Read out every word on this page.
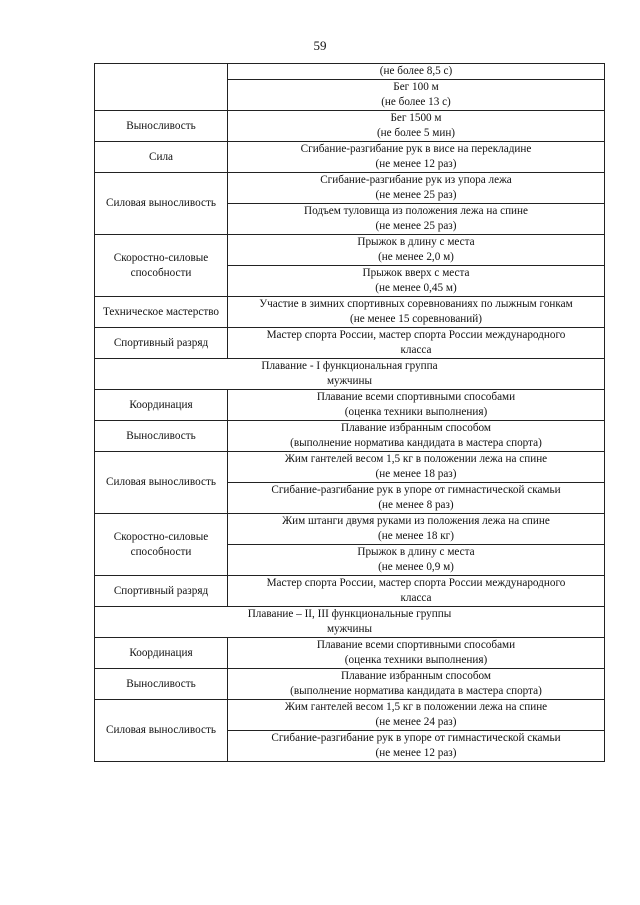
59

	(не более 8,5 с)

	Бег 100 м
(не более 13 с)

Выносливость	Бег 1500 м
(не более 5 мин)

Сила	Сгибание-разгибание рук в висе на перекладине
(не менее 12 раз)

Силовая выносливость	Сгибание-разгибание рук из упора лежа
(не менее 25 раз)

	Подъем туловища из положения лежа на спине
(не менее 25 раз)

Скоростно-силовые способности	Прыжок в длину с места
(не менее 2,0 м)

	Прыжок вверх с места
(не менее 0,45 м)

Техническое мастерство	Участие в зимних спортивных соревнованиях по лыжным гонкам
(не менее 15 соревнований)

Спортивный разряд	Мастер спорта России, мастер спорта России международного
класса

Плавание - I функциональная группа
мужчины	

Координация	Плавание всеми спортивными способами
(оценка техники выполнения)

Выносливость	Плавание избранным способом
(выполнение норматива кандидата в мастера спорта)

Силовая выносливость	Жим гантелей весом 1,5 кг в положении лежа на спине
(не менее 18 раз)

	Сгибание-разгибание рук в упоре от гимнастической скамьи
(не менее 8 раз)

Скоростно-силовые способности	Жим штанги двумя руками из положения лежа на спине
(не менее 18 кг)

	Прыжок в длину с места
(не менее 0,9 м)

Спортивный разряд	Мастер спорта России, мастер спорта России международного
класса

Плавание – II, III функциональные группы
мужчины	

Координация	Плавание всеми спортивными способами
(оценка техники выполнения)

Выносливость	Плавание избранным способом
(выполнение норматива кандидата в мастера спорта)

Силовая выносливость	Жим гантелей весом 1,5 кг в положении лежа на спине
(не менее 24 раз)

	Сгибание-разгибание рук в упоре от гимнастической скамьи
(не менее 12 раз)
